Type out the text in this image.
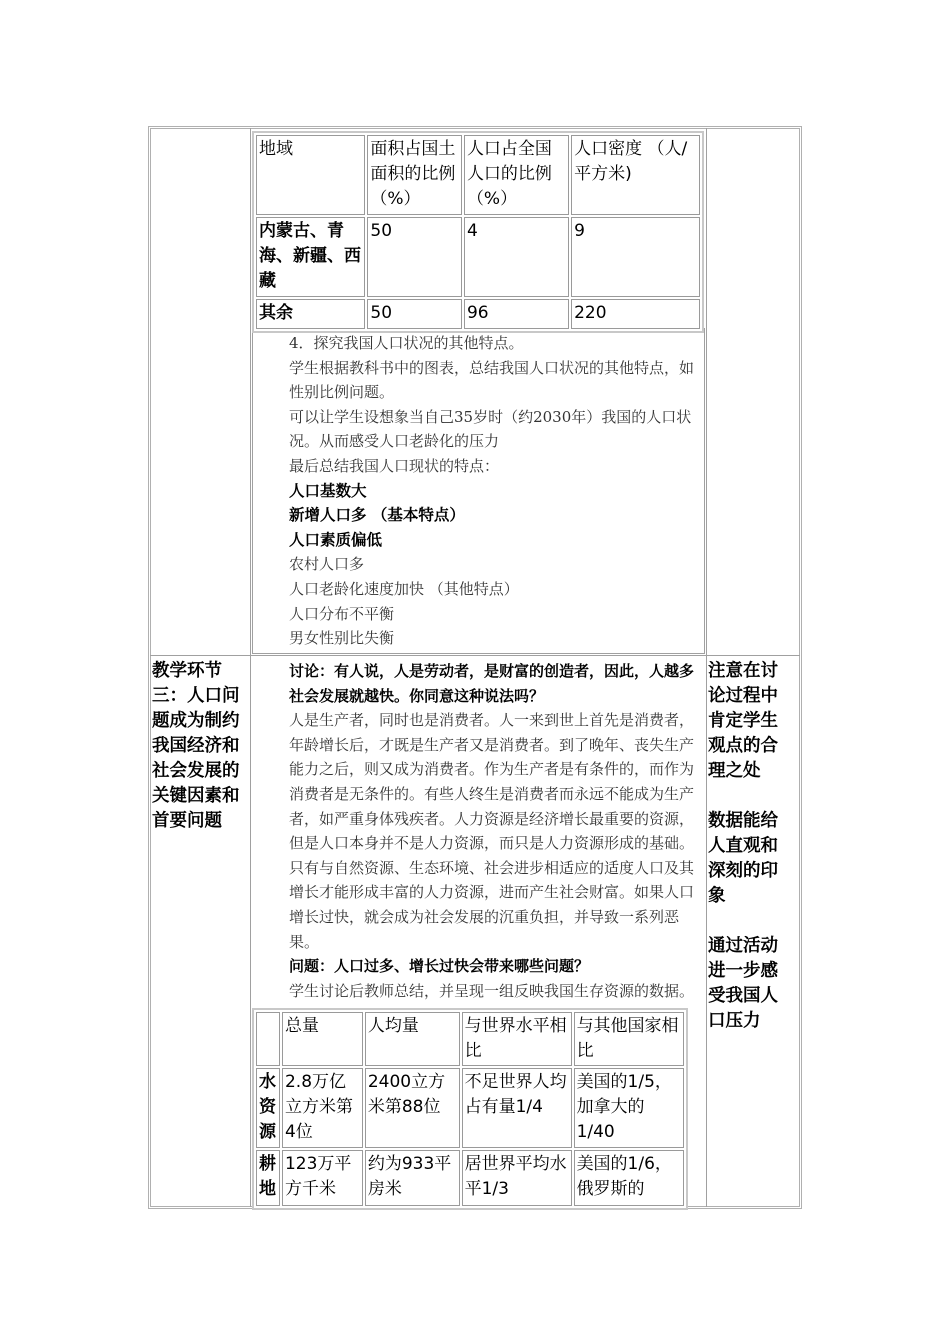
地域	面积占国土面积的比例 （%）	人口占全国人口的比例（%）	人口密度 （人/平方米)
内蒙古、青海、新疆、西藏	50	4	9
其余	50	96	220

4．探究我国人口状况的其他特点。

学生根据教科书中的图表，总结我国人口状况的其他特点，如性别比例问题。

可以让学生设想象当自己35岁时（约2030年）我国的人口状况。从而感受人口老龄化的压力

最后总结我国人口现状的特点：

人口基数大

新增人口多 （基本特点）

人口素质偏低

农村人口多

人口老龄化速度加快 （其他特点）

人口分布不平衡

男女性别比失衡

教学环节三：人口问题成为制约我国经济和社会发展的关键因素和首要问题

讨论：有人说，人是劳动者，是财富的创造者，因此，人越多社会发展就越快。你同意这种说法吗？

人是生产者，同时也是消费者。人一来到世上首先是消费者，年龄增长后，才既是生产者又是消费者。到了晚年、丧失生产能力之后，则又成为消费者。作为生产者是有条件的，而作为消费者是无条件的。有些人终生是消费者而永远不能成为生产者，如严重身体残疾者。人力资源是经济增长最重要的资源，但是人口本身并不是人力资源，而只是人力资源形成的基础。只有与自然资源、生态环境、社会进步相适应的适度人口及其增长才能形成丰富的人力资源，进而产生社会财富。如果人口增长过快，就会成为社会发展的沉重负担，并导致一系列恶果。

问题：人口过多、增长过快会带来哪些问题？

学生讨论后教师总结，并呈现一组反映我国生存资源的数据。

注意在讨论过程中肯定学生观点的合理之处
数据能给人直观和深刻的印象
通过活动进一步感受我国人口压力
	总量	人均量	与世界水平相比	与其他国家相比
水资源	2.8万亿立方米第4位	2400立方米第88位	不足世界人均占有量1/4	美国的1/5，加拿大的1/40
耕地	123万平方千米	约为933平房米	居世界平均水平1/3	美国的1/6，俄罗斯的
